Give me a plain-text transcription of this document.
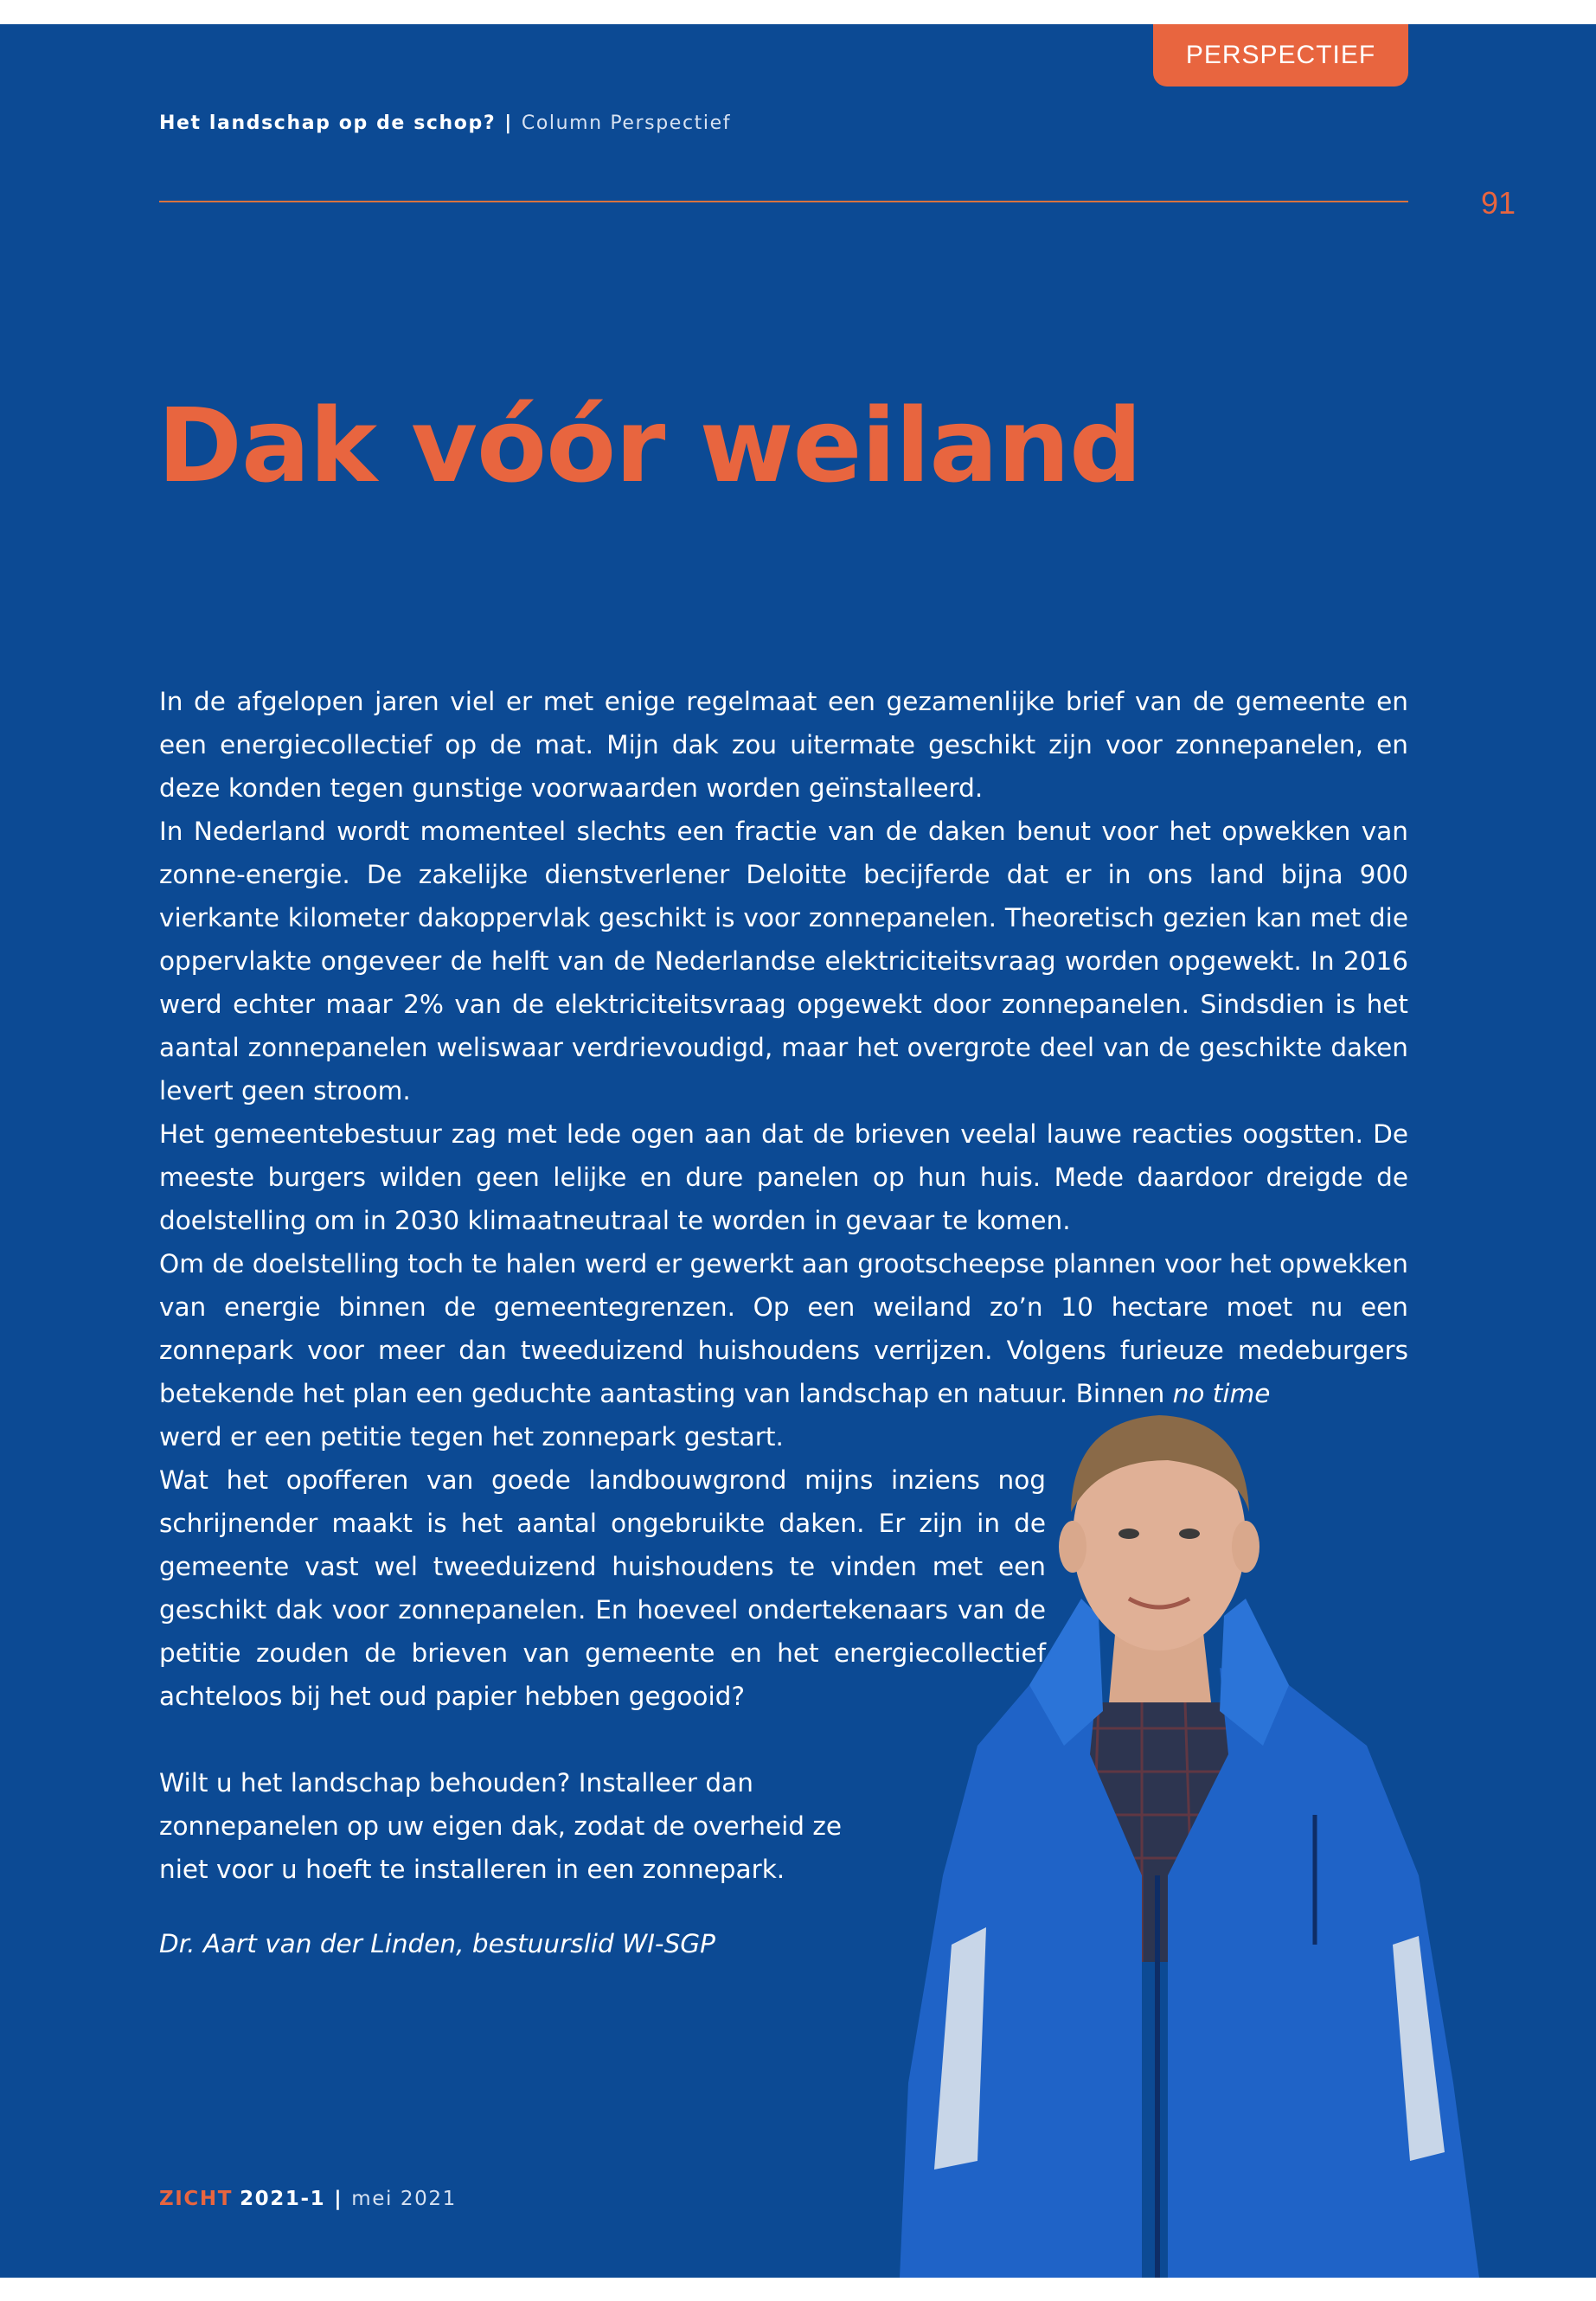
PERSPECTIEF
Het landschap op de schop? | Column Perspectief
91
Dak vóór weiland

In de afgelopen jaren viel er met enige regelmaat een gezamenlijke brief van de gemeente en een energiecollectief op de mat. Mijn dak zou uitermate geschikt zijn voor zonnepanelen, en deze konden tegen gunstige voorwaarden worden geïnstalleerd.

In Nederland wordt momenteel slechts een fractie van de daken benut voor het opwekken van zonne-energie. De zakelijke dienstverlener Deloitte becijferde dat er in ons land bijna 900 vierkante kilometer dakoppervlak geschikt is voor zonnepanelen. Theoretisch gezien kan met die oppervlakte ongeveer de helft van de Nederlandse elektriciteitsvraag worden opgewekt. In 2016 werd echter maar 2% van de elektriciteitsvraag opgewekt door zonnepanelen. Sindsdien is het aantal zonnepanelen weliswaar verdrievoudigd, maar het overgrote deel van de geschikte daken levert geen stroom.

Het gemeentebestuur zag met lede ogen aan dat de brieven veelal lauwe reacties oogstten. De meeste burgers wilden geen lelijke en dure panelen op hun huis. Mede daardoor dreigde de doelstelling om in 2030 klimaatneutraal te worden in gevaar te komen.

Om de doelstelling toch te halen werd er gewerkt aan grootscheepse plannen voor het opwekken van energie binnen de gemeentegrenzen. Op een weiland zo’n 10 hectare moet nu een zonnepark voor meer dan tweeduizend huishoudens verrijzen. Volgens furieuze medeburgers betekende het plan een geduchte aantasting van landschap en natuur. Binnen no time
werd er een petitie tegen het zonnepark gestart.

Wat het opofferen van goede landbouwgrond mijns inziens nog schrijnender maakt is het aantal ongebruikte daken. Er zijn in de gemeente vast wel tweeduizend huishoudens te vinden met een geschikt dak voor zonnepanelen. En hoeveel ondertekenaars van de petitie zouden de brieven van gemeente en het energiecollectief achteloos bij het oud papier hebben gegooid?

Wilt u het landschap behouden? Installeer dan zonnepanelen op uw eigen dak, zodat de overheid ze niet voor u hoeft te installeren in een zonnepark.

Dr. Aart van der Linden, bestuurslid WI-SGP
ZICHT 2021-1 | mei 2021
